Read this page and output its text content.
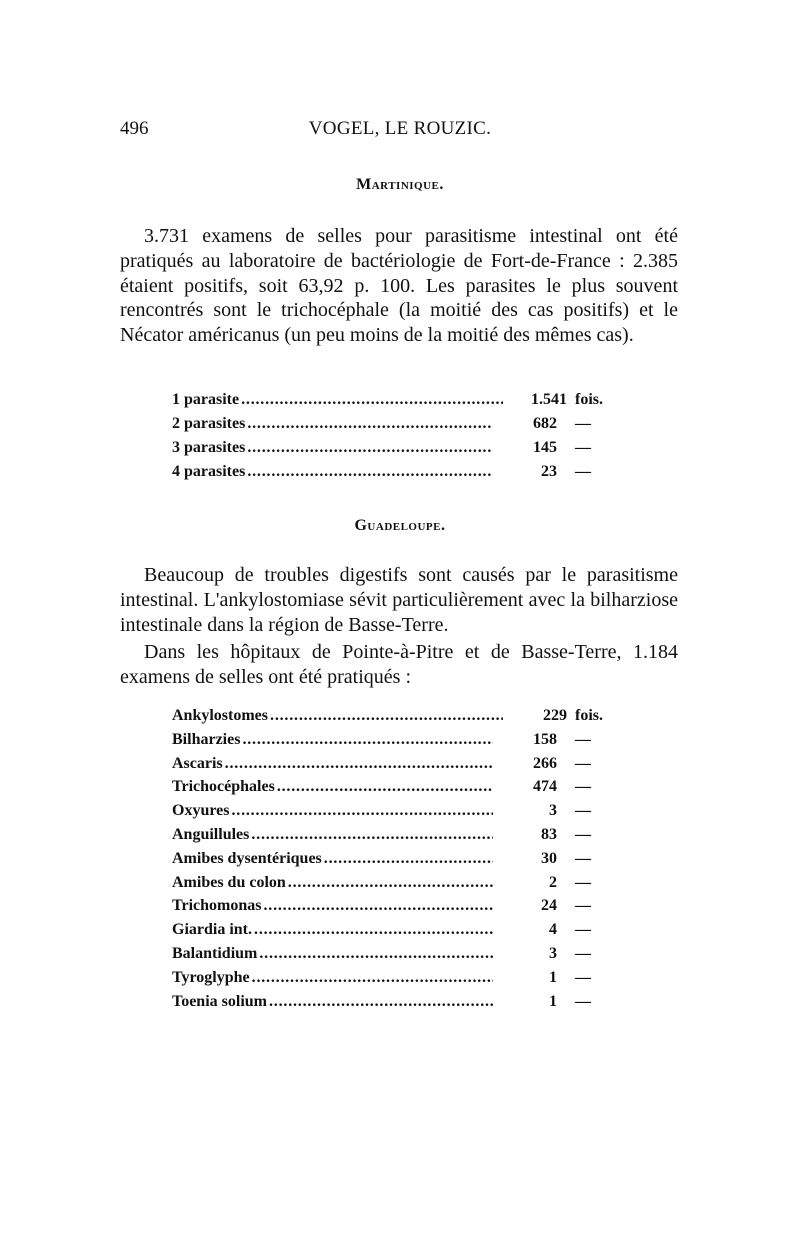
496	VOGEL, LE ROUZIC.
Martinique.
3.731 examens de selles pour parasitisme intestinal ont été pratiqués au laboratoire de bactériologie de Fort-de-France : 2.385 étaient positifs, soit 63,92 p. 100. Les parasites le plus souvent rencontrés sont le trichocéphale (la moitié des cas positifs) et le Nécator américanus (un peu moins de la moitié des mêmes cas).
1 parasite . . .	1.541 fois.
2 parasites . . .	682	—
3 parasites . . .	145	—
4 parasites . . .	23	—
Guadeloupe.
Beaucoup de troubles digestifs sont causés par le parasitisme intestinal. L'ankylostomiase sévit particulièrement avec la bilharziose intestinale dans la région de Basse-Terre.
Dans les hôpitaux de Pointe-à-Pitre et de Basse-Terre, 1.184 examens de selles ont été pratiqués :
Ankylostomes . . .	229 fois.
Bilharzies . . .	158	—
Ascaris . . .	266	—
Trichocéphales . . .	474	—
Oxyures . . .	3	—
Anguillules . . .	83	—
Amibes dysentériques . . .	30	—
Amibes du colon . . .	2	—
Trichomonas . . .	24	—
Giardia int. . . .	4	—
Balantidium . . .	3	—
Tyroglyphe . . .	1	—
Toenia solium . . .	1	—
